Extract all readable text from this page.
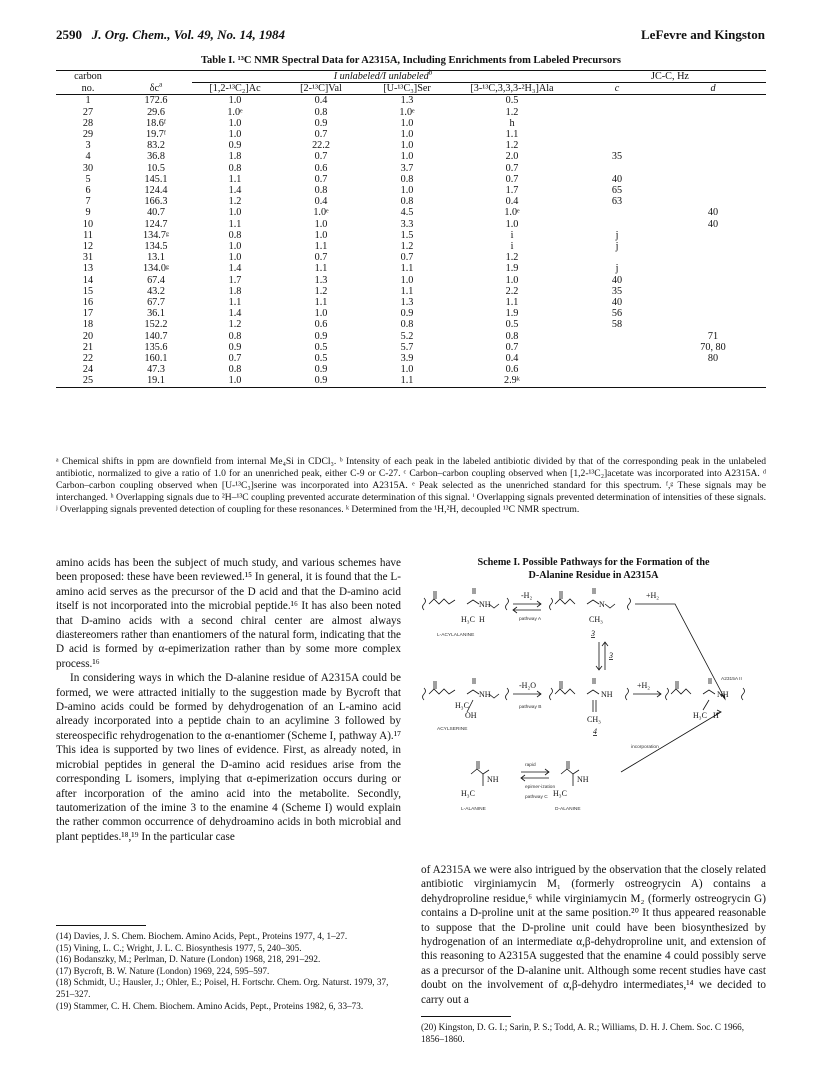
2590 J. Org. Chem., Vol. 49, No. 14, 1984	LeFevre and Kingston
Table I. ¹³C NMR Spectral Data for A2315A, Including Enrichments from Labeled Precursors
carbon		I unlabeled/I unlabeled$^b$				JC-C, Hz	
no.	$\delta c^a$	[1,2-¹³C₂]Ac	[2-¹³C]Val	[U-¹³C₃]Ser	[3-¹³C,3,3,3-²H₃]Ala	c	d
1	172.6	1.0	0.4	1.3	0.5		
27	29.6	1.0ᵉ	0.8	1.0ᵉ	1.2		
28	18.6ᶠ	1.0	0.9	1.0	h		
29	19.7ᶠ	1.0	0.7	1.0	1.1		
3	83.2	0.9	22.2	1.0	1.2		
4	36.8	1.8	0.7	1.0	2.0	35	
30	10.5	0.8	0.6	3.7	0.7		
5	145.1	1.1	0.7	0.8	0.7	40	
6	124.4	1.4	0.8	1.0	1.7	65	
7	166.3	1.2	0.4	0.8	0.4	63	
9	40.7	1.0	1.0ᵉ	4.5	1.0ᵉ		40
10	124.7	1.1	1.0	3.3	1.0		40
11	134.7ᵍ	0.8	1.0	1.5	i	j	
12	134.5	1.0	1.1	1.2	i	j	
31	13.1	1.0	0.7	0.7	1.2		
13	134.0ᵍ	1.4	1.1	1.1	1.9	j	
14	67.4	1.7	1.3	1.0	1.0	40	
15	43.2	1.8	1.2	1.1	2.2	35	
16	67.7	1.1	1.1	1.3	1.1	40	
17	36.1	1.4	1.0	0.9	1.9	56	
18	152.2	1.2	0.6	0.8	0.5	58	
20	140.7	0.8	0.9	5.2	0.8		71
21	135.6	0.9	0.5	5.7	0.7		70, 80
22	160.1	0.7	0.5	3.9	0.4		80
24	47.3	0.8	0.9	1.0	0.6		
25	19.1	1.0	0.9	1.1	2.9ᵏ		
ᵃ Chemical shifts in ppm are downfield from internal Me₄Si in CDCl₃. ᵇ Intensity of each peak in the labeled antibiotic divided by that of the corresponding peak in the unlabeled antibiotic, normalized to give a ratio of 1.0 for an unenriched peak, either C-9 or C-27. ᶜ Carbon–carbon coupling observed when [1,2-¹³C₂]acetate was incorporated into A2315A. ᵈ Carbon–carbon coupling observed when [U-¹³C₃]serine was incorporated into A2315A. ᵉ Peak selected as the unenriched standard for this spectrum. ᶠ,ᵍ These signals may be interchanged. ʰ Overlapping signals due to ²H–¹³C coupling prevented accurate determination of this signal. ⁱ Overlapping signals prevented determination of intensities of these signals. ʲ Overlapping signals prevented detection of coupling for these resonances. ᵏ Determined from the ¹H,²H, decoupled ¹³C NMR spectrum.

amino acids has been the subject of much study, and various schemes have been proposed: these have been reviewed.¹⁵ In general, it is found that the L-amino acid serves as the precursor of the D acid and that the D-amino acid itself is not incorporated into the microbial peptide.¹⁶ It has also been noted that D-amino acids with a second chiral center are almost always diastereomers rather than enantiomers of the natural form, indicating that the D acid is formed by α-epimerization rather than by some more complex process.¹⁶

In considering ways in which the D-alanine residue of A2315A could be formed, we were attracted initially to the suggestion made by Bycroft that D-amino acids could be formed by dehydrogenation of an L-amino acid already incorporated into a peptide chain to an acylimine 3 followed by stereospecific rehydrogenation to the α-enantiomer (Scheme I, pathway A).¹⁷ This idea is supported by two lines of evidence. First, as already noted, in microbial peptides in general the D-amino acid residues arise from the corresponding L isomers, implying that α-epimerization occurs during or after incorporation of the amino acid into the metabolite. Secondly, tautomerization of the imine 3 to the enamine 4 (Scheme I) would explain the rather common occurrence of dehydroamino acids in both microbial and plant peptides.¹⁸,¹⁹ In the particular case

(14) Davies, J. S. Chem. Biochem. Amino Acids, Pept., Proteins 1977, 4, 1–27.
(15) Vining, L. C.; Wright, J. L. C. Biosynthesis 1977, 5, 240–305.
(16) Bodanszky, M.; Perlman, D. Nature (London) 1968, 218, 291–292.
(17) Bycroft, B. W. Nature (London) 1969, 224, 595–597.
(18) Schmidt, U.; Hausler, J.; Ohler, E.; Poisel, H. Fortschr. Chem. Org. Naturst. 1979, 37, 251–327.
(19) Stammer, C. H. Chem. Biochem. Amino Acids, Pept., Proteins 1982, 6, 33–73.
Scheme I. Possible Pathways for the Formation of the
D-Alanine Residue in A2315A
NH
H₃C H
L-ACYLALANINE
-H₂
pathway A
N
CH₃
3
3
+H₂
A2315A II
NH
H₃C
OH
ACYLSERINE
-H₂O
pathway B
NH
CH₃
4
+H₂
NH
H₃C H
NH
H₃C
L-ALANINE
rapid
epimer-ization
pathway C
NH
H₃C
D-ALANINE
incorporation

of A2315A we were also intrigued by the observation that the closely related antibiotic virginiamycin M₁ (formerly ostreogrycin A) contains a dehydroproline residue,⁶ while virginiamycin M₂ (formerly ostreogrycin G) contains a D-proline unit at the same position.²⁰ It thus appeared reasonable to suppose that the D-proline unit could have been biosynthesized by hydrogenation of an intermediate α,β-dehydroproline unit, and extension of this reasoning to A2315A suggested that the enamine 4 could possibly serve as a precursor of the D-alanine unit. Although some recent studies have cast doubt on the involvement of α,β-dehydro intermediates,¹⁴ we decided to carry out a

(20) Kingston, D. G. I.; Sarin, P. S.; Todd, A. R.; Williams, D. H. J. Chem. Soc. C 1966, 1856–1860.
